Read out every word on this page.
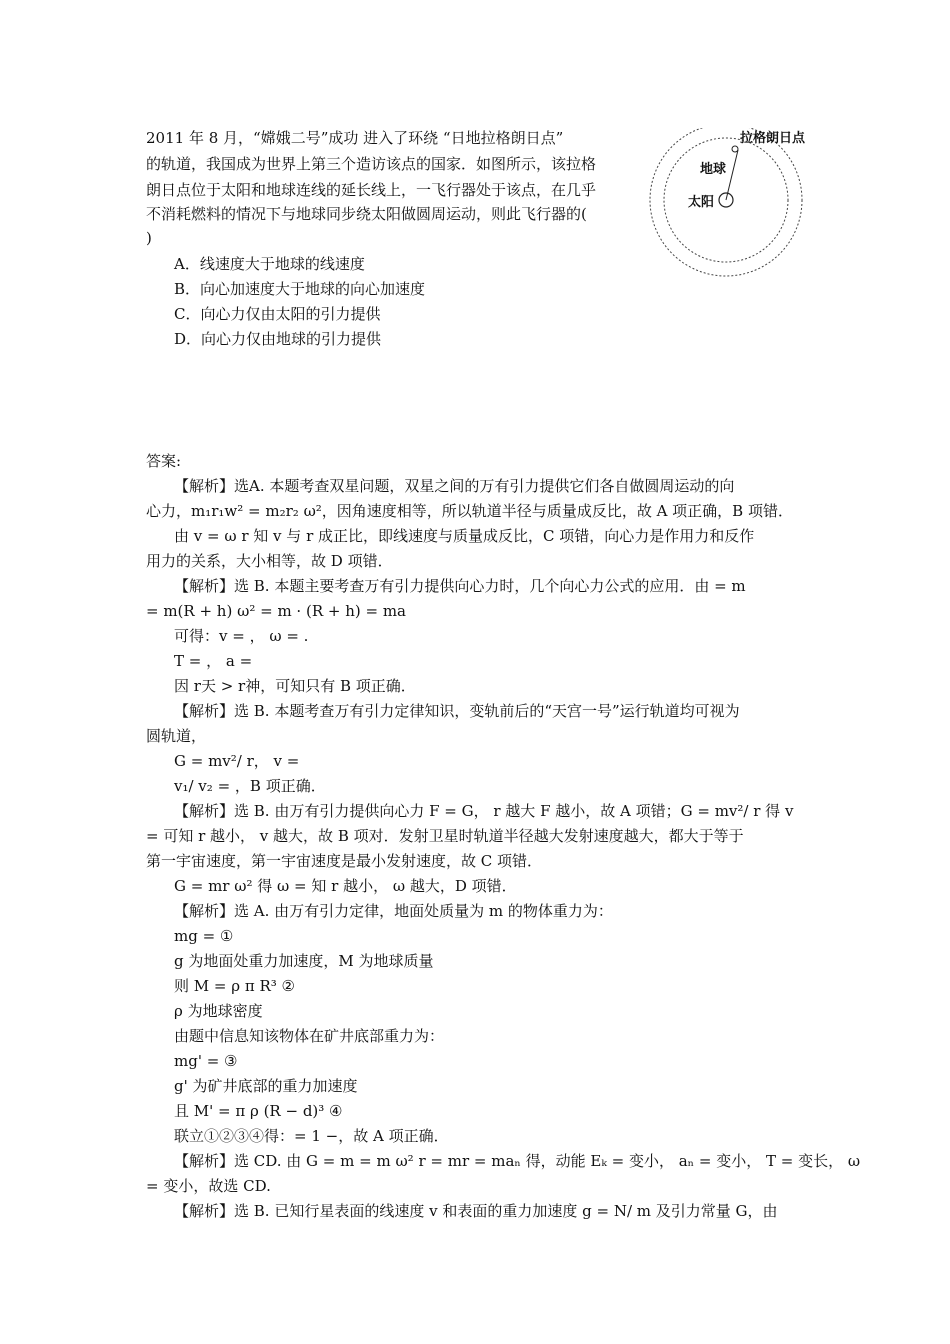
2011 年 8 月，“嫦娥二号”成功 进入了环绕 “日地拉格朗日点”
的轨道，我国成为世界上第三个造访该点的国家．如图所示，该拉格
朗日点位于太阳和地球连线的延长线上，一飞行器处于该点，在几乎
不消耗燃料的情况下与地球同步绕太阳做圆周运动，则此飞行器的(
)
A．线速度大于地球的线速度
B．向心加速度大于地球的向心加速度
C．向心力仅由太阳的引力提供
D．向心力仅由地球的引力提供
拉格朗日点
地球
太阳
答案:
【解析】选A. 本题考查双星问题，双星之间的万有引力提供它们各自做圆周运动的向
心力，m₁r₁w² = m₂r₂ ω²，因角速度相等，所以轨道半径与质量成反比，故 A 项正确，B 项错．
由 v = ω r 知 v 与 r 成正比，即线速度与质量成反比，C 项错，向心力是作用力和反作
用力的关系，大小相等，故 D 项错．
【解析】选 B. 本题主要考查万有引力提供向心力时，几个向心力公式的应用．由 = m
= m(R + h) ω² = m · (R + h) = ma
可得：v = ， ω = .
T = ， a =
因 r天 > r神，可知只有 B 项正确．
【解析】选 B. 本题考查万有引力定律知识，变轨前后的“天宫一号”运行轨道均可视为
圆轨道，
G = mv²/ r， v =
v₁/ v₂ = ，B 项正确．
【解析】选 B. 由万有引力提供向心力 F = G， r 越大 F 越小，故 A 项错；G = mv²/ r 得 v
= 可知 r 越小， v 越大，故 B 项对．发射卫星时轨道半径越大发射速度越大，都大于等于
第一宇宙速度，第一宇宙速度是最小发射速度，故 C 项错．
G = mr ω² 得 ω = 知 r 越小， ω 越大，D 项错．
【解析】选 A. 由万有引力定律，地面处质量为 m 的物体重力为：
mg = ①
g 为地面处重力加速度，M 为地球质量
则 M = ρ π R³ ②
ρ 为地球密度
由题中信息知该物体在矿井底部重力为：
mg' = ③
g' 为矿井底部的重力加速度
且 M' = π ρ (R − d)³ ④
联立①②③④得：= 1 −，故 A 项正确．
【解析】选 CD. 由 G = m = m ω² r = mr = maₙ 得，动能 Eₖ = 变小， aₙ = 变小， T = 变长， ω
= 变小，故选 CD.
【解析】选 B. 已知行星表面的线速度 v 和表面的重力加速度 g = N/ m 及引力常量 G，由
